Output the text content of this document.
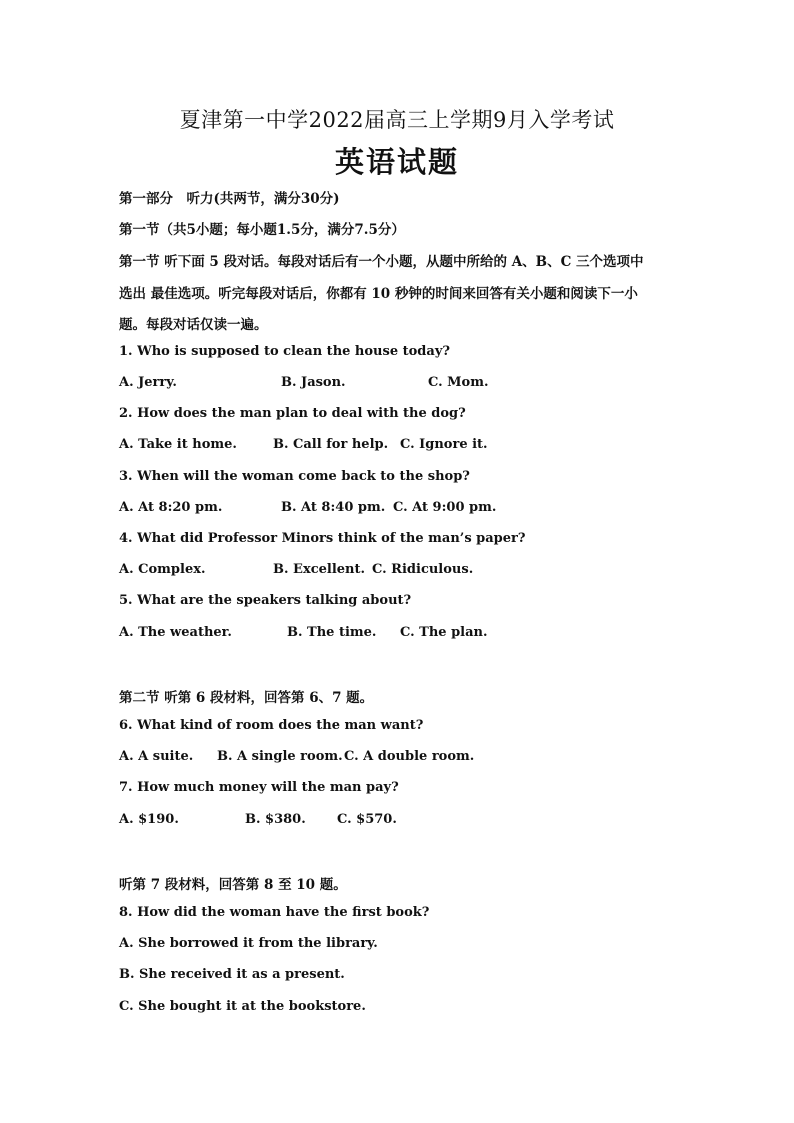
夏津第一中学2022届高三上学期9月入学考试
英语试题
第一部分　听力(共两节，满分30分)
第一节（共5小题；每小题1.5分，满分7.5分）
第一节 听下面 5 段对话。每段对话后有一个小题，从题中所给的 A、B、C 三个选项中
选出 最佳选项。听完每段对话后，你都有 10 秒钟的时间来回答有关小题和阅读下一小
题。每段对话仅读一遍。
1. Who is supposed to clean the house today?
A. Jerry.	B. Jason.	C. Mom.
2. How does the man plan to deal with the dog?
A. Take it home.	B. Call for help. C. Ignore it.
3. When will the woman come back to the shop?
A. At 8:20 pm.	B. At 8:40 pm. C. At 9:00 pm.
4. What did Professor Minors think of the man’s paper?
A. Complex.	B. Excellent. C. Ridiculous.
5. What are the speakers talking about?
A. The weather.	B. The time. C. The plan.
第二节 听第 6 段材料，回答第 6、7 题。
6. What kind of room does the man want?
A. A suite. B. A single room. C. A double room.
7. How much money will the man pay?
A. $190.	B. $380. C. $570.
听第 7 段材料，回答第 8 至 10 题。
8. How did the woman have the first book?
A. She borrowed it from the library.
B. She received it as a present.
C. She bought it at the bookstore.
